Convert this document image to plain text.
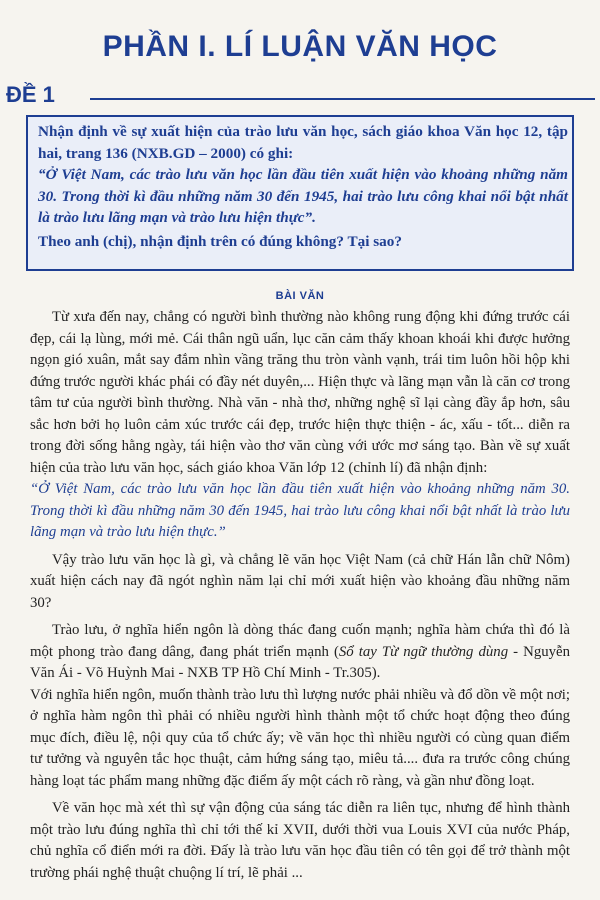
PHẦN I. LÍ LUẬN VĂN HỌC
ĐỀ 1

Nhận định về sự xuất hiện của trào lưu văn học, sách giáo khoa Văn học 12, tập hai, trang 136 (NXB.GD – 2000) có ghi:

“Ở Việt Nam, các trào lưu văn học lần đầu tiên xuất hiện vào khoảng những năm 30. Trong thời kì đầu những năm 30 đến 1945, hai trào lưu công khai nổi bật nhất là trào lưu lãng mạn và trào lưu hiện thực”.

Theo anh (chị), nhận định trên có đúng không? Tại sao?

BÀI VĂN

Từ xưa đến nay, chẳng có người bình thường nào không rung động khi đứng trước cái đẹp, cái lạ lùng, mới mẻ. Cái thân ngũ uẩn, lục căn cảm thấy khoan khoái khi được hưởng ngọn gió xuân, mắt say đắm nhìn vầng trăng thu tròn vành vạnh, trái tim luôn hồi hộp khi đứng trước người khác phái có đầy nét duyên,... Hiện thực và lãng mạn vẫn là căn cơ trong tâm tư của người bình thường. Nhà văn - nhà thơ, những nghệ sĩ lại càng đầy ắp hơn, sâu sắc hơn bởi họ luôn cảm xúc trước cái đẹp, trước hiện thực thiện - ác, xấu - tốt... diễn ra trong đời sống hằng ngày, tái hiện vào thơ văn cùng với ước mơ sáng tạo. Bàn về sự xuất hiện của trào lưu văn học, sách giáo khoa Văn lớp 12 (chỉnh lí) đã nhận định:

“Ở Việt Nam, các trào lưu văn học lần đầu tiên xuất hiện vào khoảng những năm 30. Trong thời kì đầu những năm 30 đến 1945, hai trào lưu công khai nổi bật nhất là trào lưu lãng mạn và trào lưu hiện thực.”

Vậy trào lưu văn học là gì, và chẳng lẽ văn học Việt Nam (cả chữ Hán lẫn chữ Nôm) xuất hiện cách nay đã ngót nghìn năm lại chỉ mới xuất hiện vào khoảng đầu những năm 30?

Trào lưu, ở nghĩa hiển ngôn là dòng thác đang cuốn mạnh; nghĩa hàm chứa thì đó là một phong trào đang dâng, đang phát triển mạnh (Sổ tay Từ ngữ thường dùng - Nguyễn Văn Ái - Võ Huỳnh Mai - NXB TP Hồ Chí Minh - Tr.305).

Với nghĩa hiển ngôn, muốn thành trào lưu thì lượng nước phải nhiều và đổ dồn về một nơi; ở nghĩa hàm ngôn thì phải có nhiều người hình thành một tổ chức hoạt động theo đúng mục đích, điều lệ, nội quy của tổ chức ấy; về văn học thì nhiều người có cùng quan điểm tư tưởng và nguyên tắc học thuật, cảm hứng sáng tạo, miêu tả.... đưa ra trước công chúng hàng loạt tác phẩm mang những đặc điểm ấy một cách rõ ràng, và gần như đồng loạt.

Về văn học mà xét thì sự vận động của sáng tác diễn ra liên tục, nhưng để hình thành một trào lưu đúng nghĩa thì chỉ tới thế kỉ XVII, dưới thời vua Louis XVI của nước Pháp, chủ nghĩa cổ điển mới ra đời. Đấy là trào lưu văn học đầu tiên có tên gọi để trở thành một trường phái nghệ thuật chuộng lí trí, lẽ phải ...
